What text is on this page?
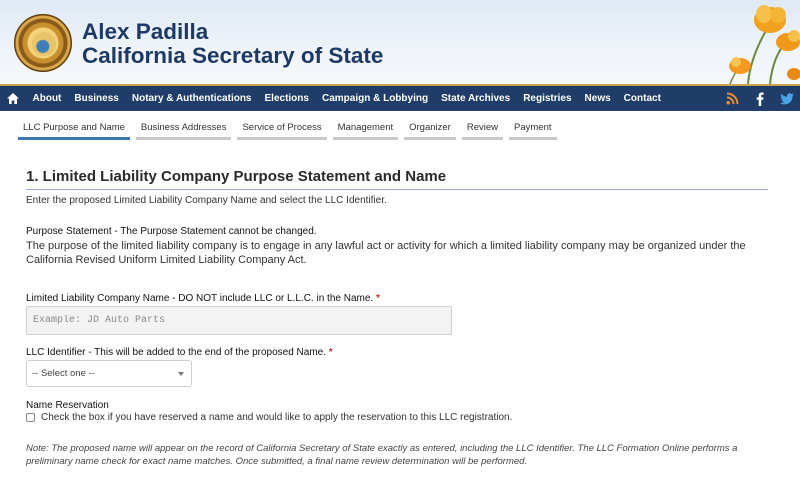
Alex Padilla
California Secretary of State
About	Business	Notary & Authentications	Elections	Campaign & Lobbying	State Archives	Registries	News	Contact
LLC Purpose and Name	Business Addresses	Service of Process	Management	Organizer	Review	Payment
1. Limited Liability Company Purpose Statement and Name
Enter the proposed Limited Liability Company Name and select the LLC Identifier.
Purpose Statement - The Purpose Statement cannot be changed.
The purpose of the limited liability company is to engage in any lawful act or activity for which a limited liability company may be organized under the California Revised Uniform Limited Liability Company Act.
Limited Liability Company Name - DO NOT include LLC or L.L.C. in the Name. *
Example: JD Auto Parts
LLC Identifier - This will be added to the end of the proposed Name. *
-- Select one --
Name Reservation
Check the box if you have reserved a name and would like to apply the reservation to this LLC registration.
Note: The proposed name will appear on the record of California Secretary of State exactly as entered, including the LLC Identifier. The LLC Formation Online performs a preliminary name check for exact name matches. Once submitted, a final name review determination will be performed.
